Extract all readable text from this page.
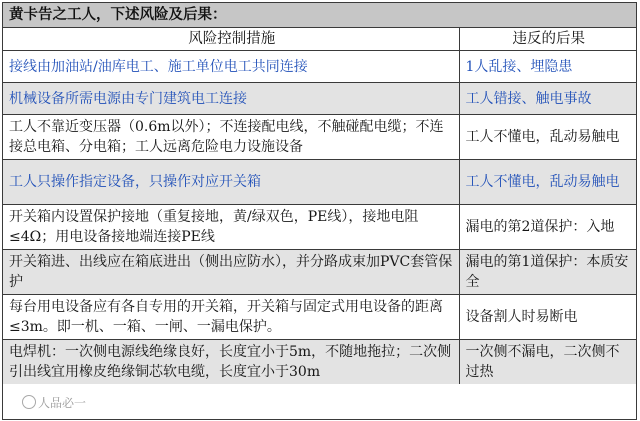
黄卡告之工人，下述风险及后果：
风险控制措施	违反的后果
接线由加油站/油库电工、施工单位电工共同连接	1人乱接、埋隐患
机械设备所需电源由专门建筑电工连接	工人错接、触电事故
工人不靠近变压器（0.6m以外）；不连接配电线，不触碰配电缆；不连接总电箱、分电箱；工人远离危险电力设施设备	工人不懂电，乱动易触电
工人只操作指定设备，只操作对应开关箱	工人不懂电，乱动易触电
开关箱内设置保护接地（重复接地，黄/绿双色，PE线），接地电阻≤4Ω；用电设备接地端连接PE线	漏电的第2道保护：入地
开关箱进、出线应在箱底进出（侧出应防水），并分路成束加PVC套管保护	漏电的第1道保护：本质安全
每台用电设备应有各自专用的开关箱，开关箱与固定式用电设备的距离≤3m。即一机、一箱、一闸、一漏电保护。	设备割人时易断电
电焊机：一次侧电源线绝缘良好，长度宜小于5m，不随地拖拉；二次侧引出线宜用橡皮绝缘铜芯软电缆，长度宜小于30m	一次侧不漏电，二次侧不过热
人品必一
